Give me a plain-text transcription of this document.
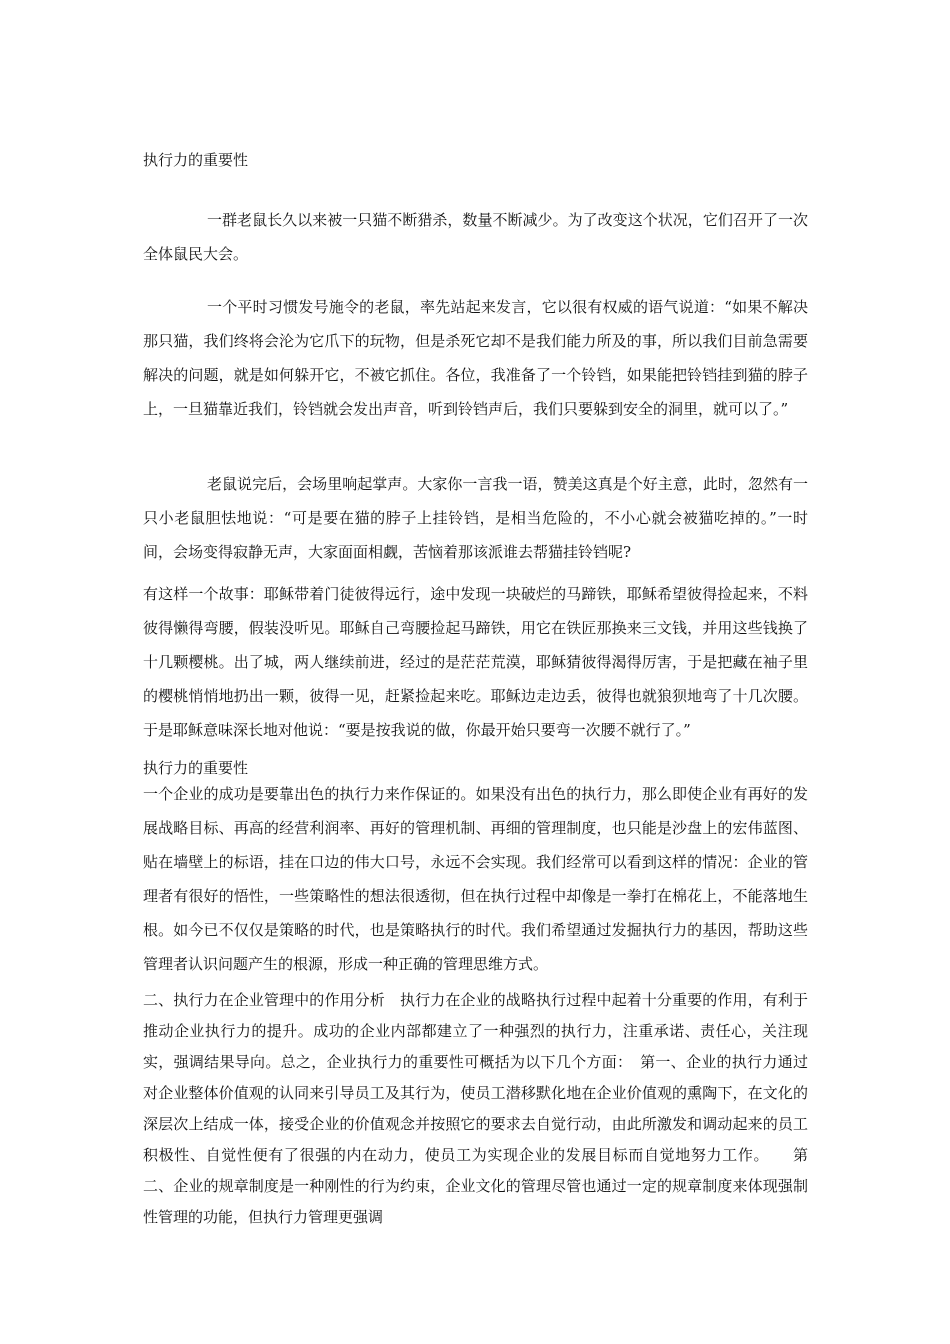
执行力的重要性

一群老鼠长久以来被一只猫不断猎杀，数量不断减少。为了改变这个状况，它们召开了一次全体鼠民大会。

一个平时习惯发号施令的老鼠，率先站起来发言，它以很有权威的语气说道：“如果不解决那只猫，我们终将会沦为它爪下的玩物，但是杀死它却不是我们能力所及的事，所以我们目前急需要解决的问题，就是如何躲开它，不被它抓住。各位，我准备了一个铃铛，如果能把铃铛挂到猫的脖子上，一旦猫靠近我们，铃铛就会发出声音，听到铃铛声后，我们只要躲到安全的洞里，就可以了。”

老鼠说完后，会场里响起掌声。大家你一言我一语，赞美这真是个好主意，此时，忽然有一只小老鼠胆怯地说：“可是要在猫的脖子上挂铃铛，是相当危险的，不小心就会被猫吃掉的。”一时间，会场变得寂静无声，大家面面相觑，苦恼着那该派谁去帮猫挂铃铛呢?

有这样一个故事：耶稣带着门徒彼得远行，途中发现一块破烂的马蹄铁，耶稣希望彼得捡起来，不料彼得懒得弯腰，假装没听见。耶稣自己弯腰捡起马蹄铁，用它在铁匠那换来三文钱，并用这些钱换了十几颗樱桃。出了城，两人继续前进，经过的是茫茫荒漠，耶稣猜彼得渴得厉害，于是把藏在袖子里的樱桃悄悄地扔出一颗，彼得一见，赶紧捡起来吃。耶稣边走边丢，彼得也就狼狈地弯了十几次腰。于是耶稣意味深长地对他说：“要是按我说的做，你最开始只要弯一次腰不就行了。”

执行力的重要性

一个企业的成功是要靠出色的执行力来作保证的。如果没有出色的执行力，那么即使企业有再好的发展战略目标、再高的经营利润率、再好的管理机制、再细的管理制度，也只能是沙盘上的宏伟蓝图、贴在墙壁上的标语，挂在口边的伟大口号，永远不会实现。我们经常可以看到这样的情况：企业的管理者有很好的悟性，一些策略性的想法很透彻，但在执行过程中却像是一拳打在棉花上，不能落地生根。如今已不仅仅是策略的时代，也是策略执行的时代。我们希望通过发掘执行力的基因，帮助这些管理者认识问题产生的根源，形成一种正确的管理思维方式。

二、执行力在企业管理中的作用分析　执行力在企业的战略执行过程中起着十分重要的作用，有利于推动企业执行力的提升。成功的企业内部都建立了一种强烈的执行力，注重承诺、责任心，关注现实，强调结果导向。总之，企业执行力的重要性可概括为以下几个方面：　第一、企业的执行力通过对企业整体价值观的认同来引导员工及其行为，使员工潜移默化地在企业价值观的熏陶下，在文化的深层次上结成一体，接受企业的价值观念并按照它的要求去自觉行动，由此所激发和调动起来的员工积极性、自觉性便有了很强的内在动力，使员工为实现企业的发展目标而自觉地努力工作。　　第二、企业的规章制度是一种刚性的行为约束，企业文化的管理尽管也通过一定的规章制度来体现强制性管理的功能，但执行力管理更强调
